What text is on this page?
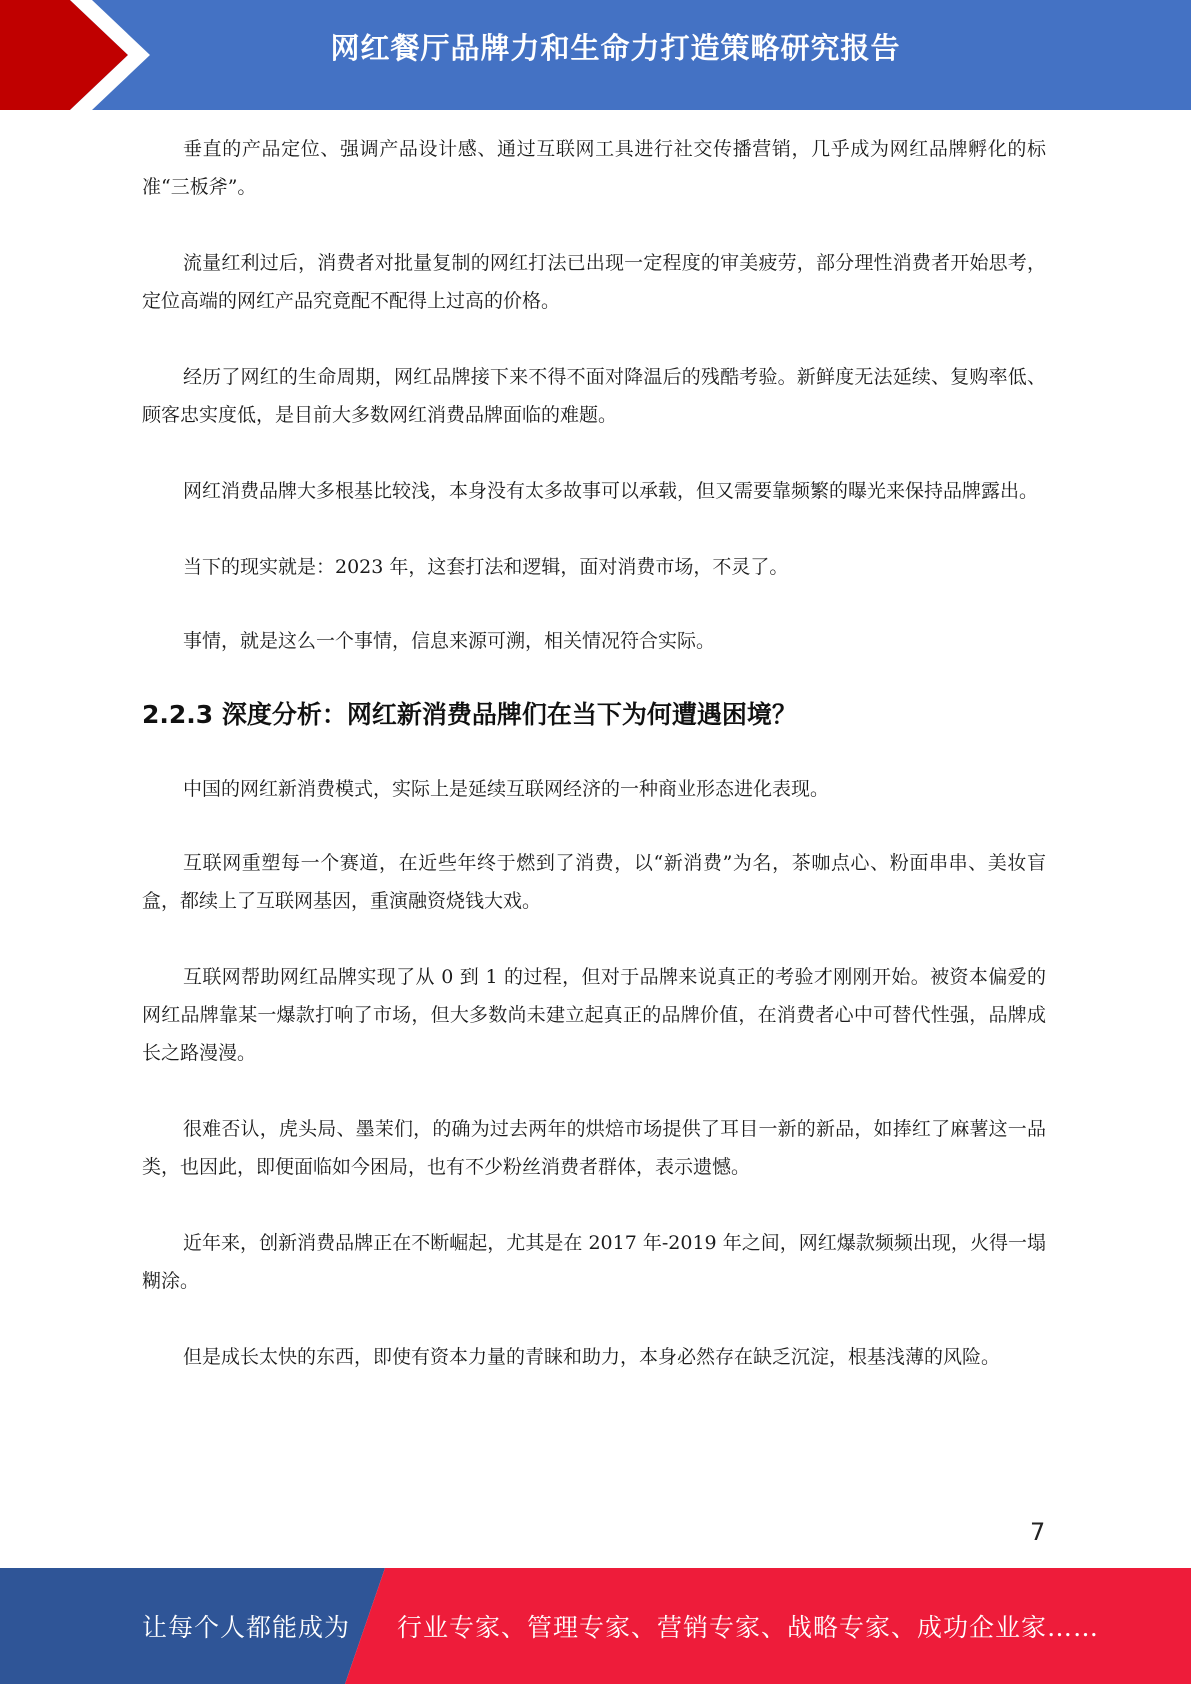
网红餐厅品牌力和生命力打造策略研究报告

垂直的产品定位、强调产品设计感、通过互联网工具进行社交传播营销，几乎成为网红品牌孵化的标准“三板斧”。

流量红利过后，消费者对批量复制的网红打法已出现一定程度的审美疲劳，部分理性消费者开始思考，定位高端的网红产品究竟配不配得上过高的价格。

经历了网红的生命周期，网红品牌接下来不得不面对降温后的残酷考验。新鲜度无法延续、复购率低、顾客忠实度低，是目前大多数网红消费品牌面临的难题。

网红消费品牌大多根基比较浅，本身没有太多故事可以承载，但又需要靠频繁的曝光来保持品牌露出。

当下的现实就是：2023 年，这套打法和逻辑，面对消费市场，不灵了。

事情，就是这么一个事情，信息来源可溯，相关情况符合实际。

2.2.3 深度分析：网红新消费品牌们在当下为何遭遇困境？

中国的网红新消费模式，实际上是延续互联网经济的一种商业形态进化表现。

互联网重塑每一个赛道，在近些年终于燃到了消费，以“新消费”为名，茶咖点心、粉面串串、美妆盲盒，都续上了互联网基因，重演融资烧钱大戏。

互联网帮助网红品牌实现了从 0 到 1 的过程，但对于品牌来说真正的考验才刚刚开始。被资本偏爱的网红品牌靠某一爆款打响了市场，但大多数尚未建立起真正的品牌价值，在消费者心中可替代性强，品牌成长之路漫漫。

很难否认，虎头局、墨茉们，的确为过去两年的烘焙市场提供了耳目一新的新品，如捧红了麻薯这一品类，也因此，即便面临如今困局，也有不少粉丝消费者群体，表示遗憾。

近年来，创新消费品牌正在不断崛起，尤其是在 2017 年-2019 年之间，网红爆款频频出现，火得一塌糊涂。

但是成长太快的东西，即使有资本力量的青睐和助力，本身必然存在缺乏沉淀，根基浅薄的风险。

7
让每个人都能成为 行业专家、管理专家、营销专家、战略专家、成功企业家……
